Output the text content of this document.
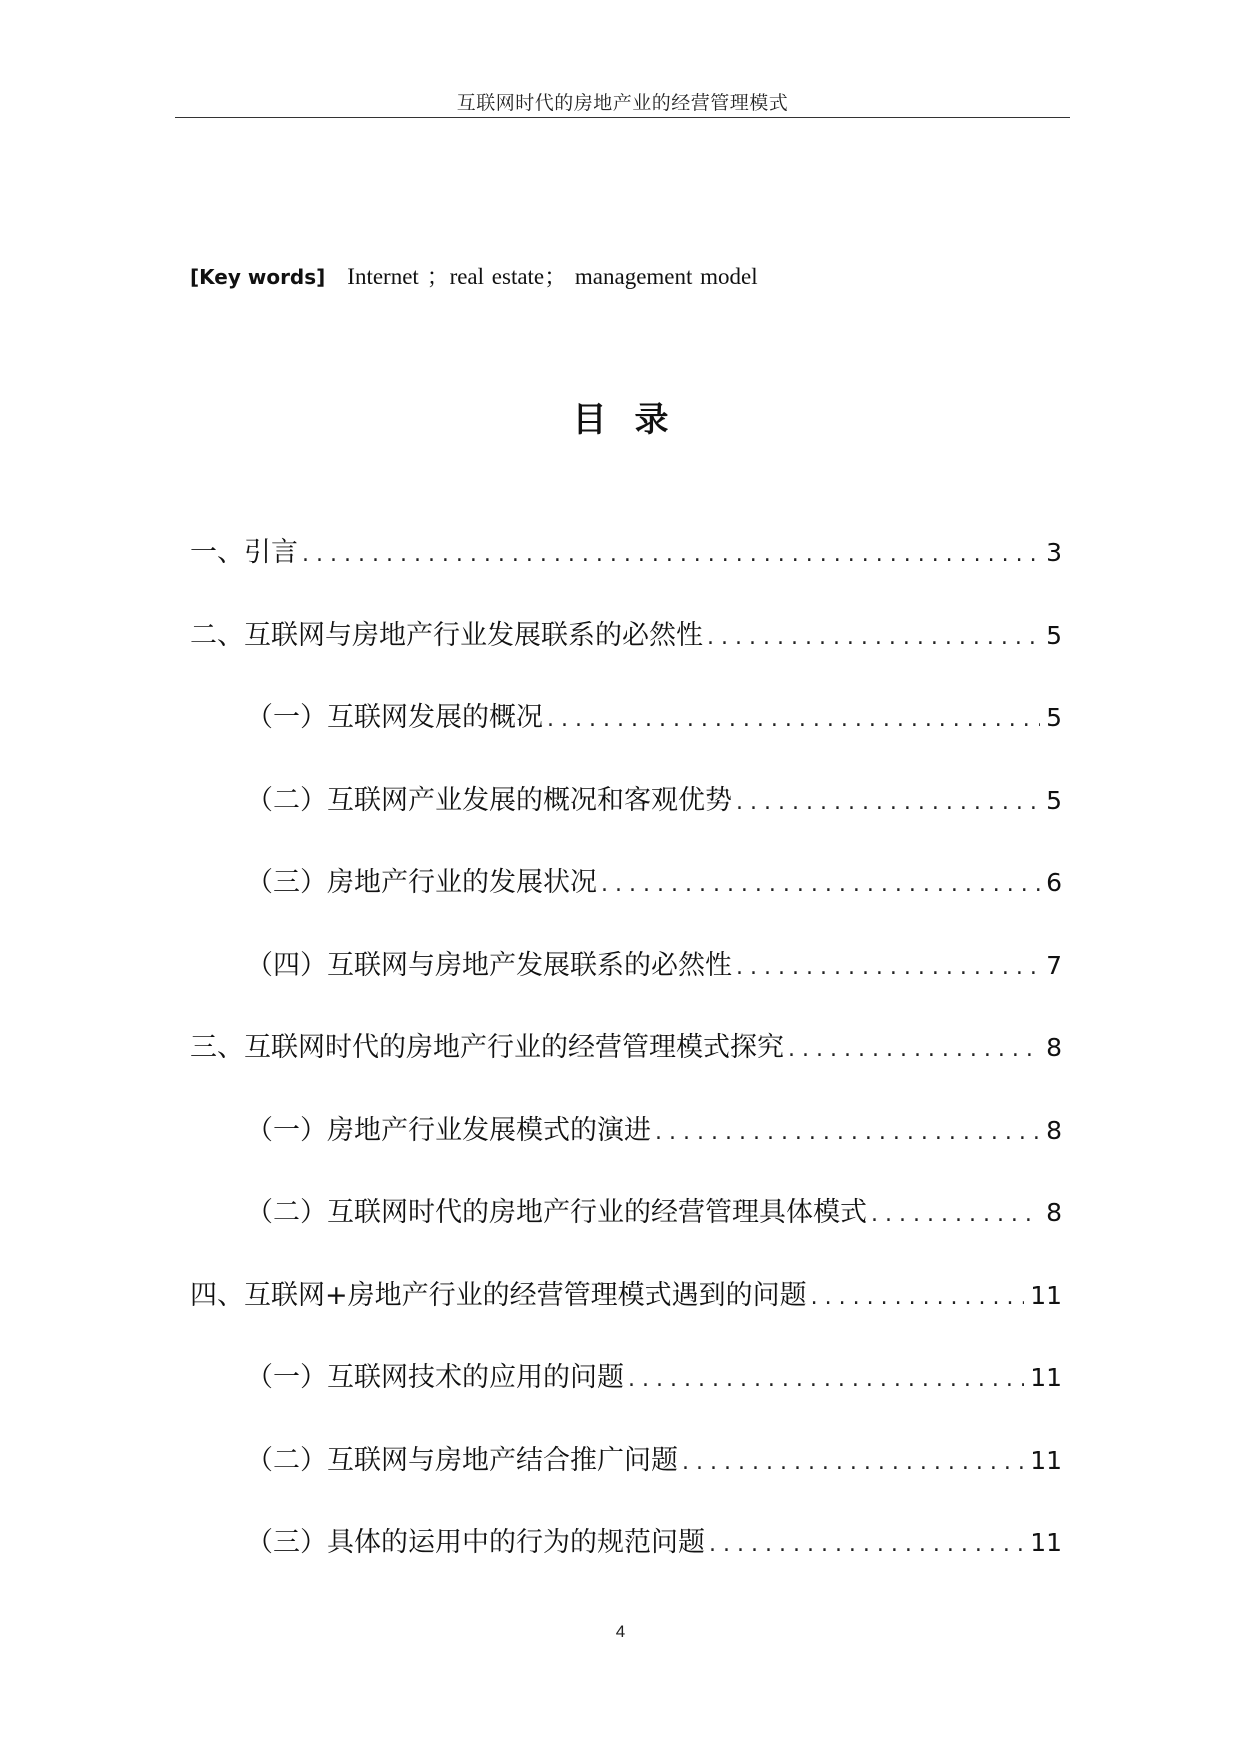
互联网时代的房地产业的经营管理模式
[Key words] Internet ；real estate； management model
目录
一、引言 .....	3
二、互联网与房地产行业发展联系的必然性 .....	5
（一）互联网发展的概况 .....	5
（二）互联网产业发展的概况和客观优势 .....	5
（三）房地产行业的发展状况 .....	6
（四）互联网与房地产发展联系的必然性 .....	7
三、互联网时代的房地产行业的经营管理模式探究 .....	8
（一）房地产行业发展模式的演进 .....	8
（二）互联网时代的房地产行业的经营管理具体模式 .....	8
四、互联网+房地产行业的经营管理模式遇到的问题 .....	11
（一）互联网技术的应用的问题 .....	11
（二）互联网与房地产结合推广问题 .....	11
（三）具体的运用中的行为的规范问题 .....	11
4
